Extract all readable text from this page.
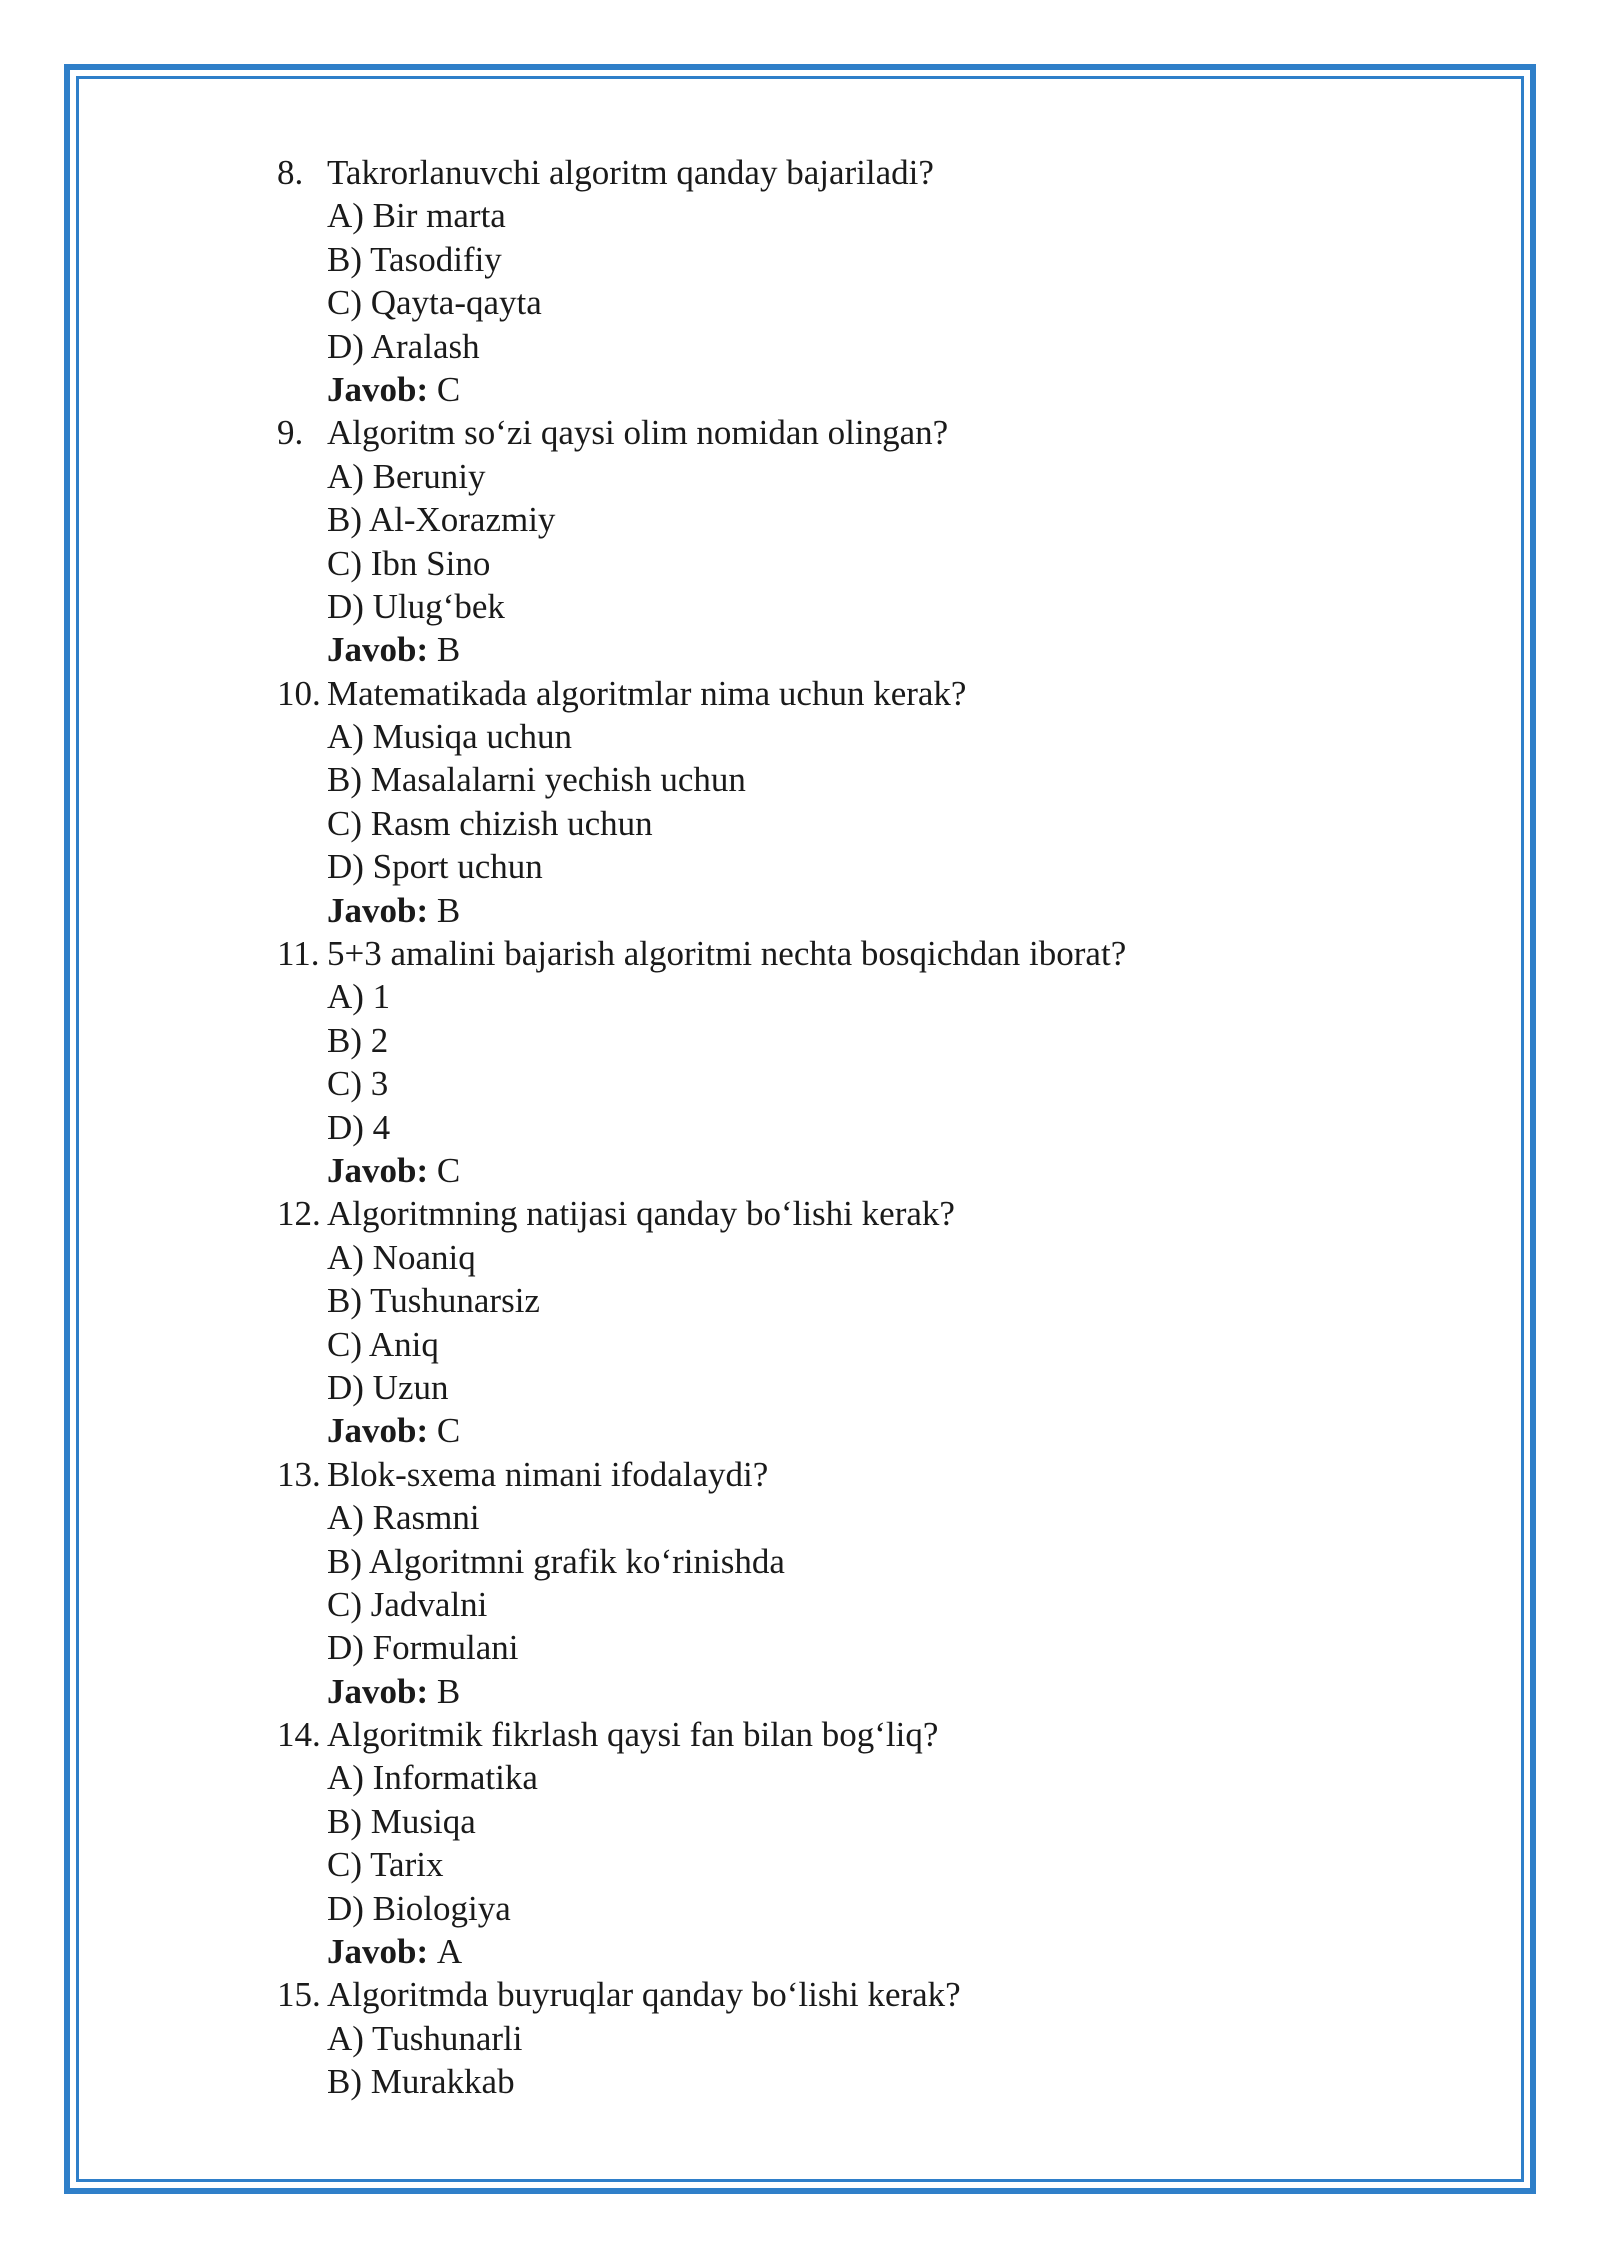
8. Takrorlanuvchi algoritm qanday bajariladi?
A) Bir marta
B) Tasodifiy
C) Qayta-qayta
D) Aralash
Javob: C
9. Algoritm so‘zi qaysi olim nomidan olingan?
A) Beruniy
B) Al-Xorazmiy
C) Ibn Sino
D) Ulug‘bek
Javob: B
10. Matematikada algoritmlar nima uchun kerak?
A) Musiqa uchun
B) Masalalarni yechish uchun
C) Rasm chizish uchun
D) Sport uchun
Javob: B
11. 5+3 amalini bajarish algoritmi nechta bosqichdan iborat?
A) 1
B) 2
C) 3
D) 4
Javob: C
12. Algoritmning natijasi qanday bo‘lishi kerak?
A) Noaniq
B) Tushunarsiz
C) Aniq
D) Uzun
Javob: C
13. Blok-sxema nimani ifodalaydi?
A) Rasmni
B) Algoritmni grafik ko‘rinishda
C) Jadvalni
D) Formulani
Javob: B
14. Algoritmik fikrlash qaysi fan bilan bog‘liq?
A) Informatika
B) Musiqa
C) Tarix
D) Biologiya
Javob: A
15. Algoritmda buyruqlar qanday bo‘lishi kerak?
A) Tushunarli
B) Murakkab
